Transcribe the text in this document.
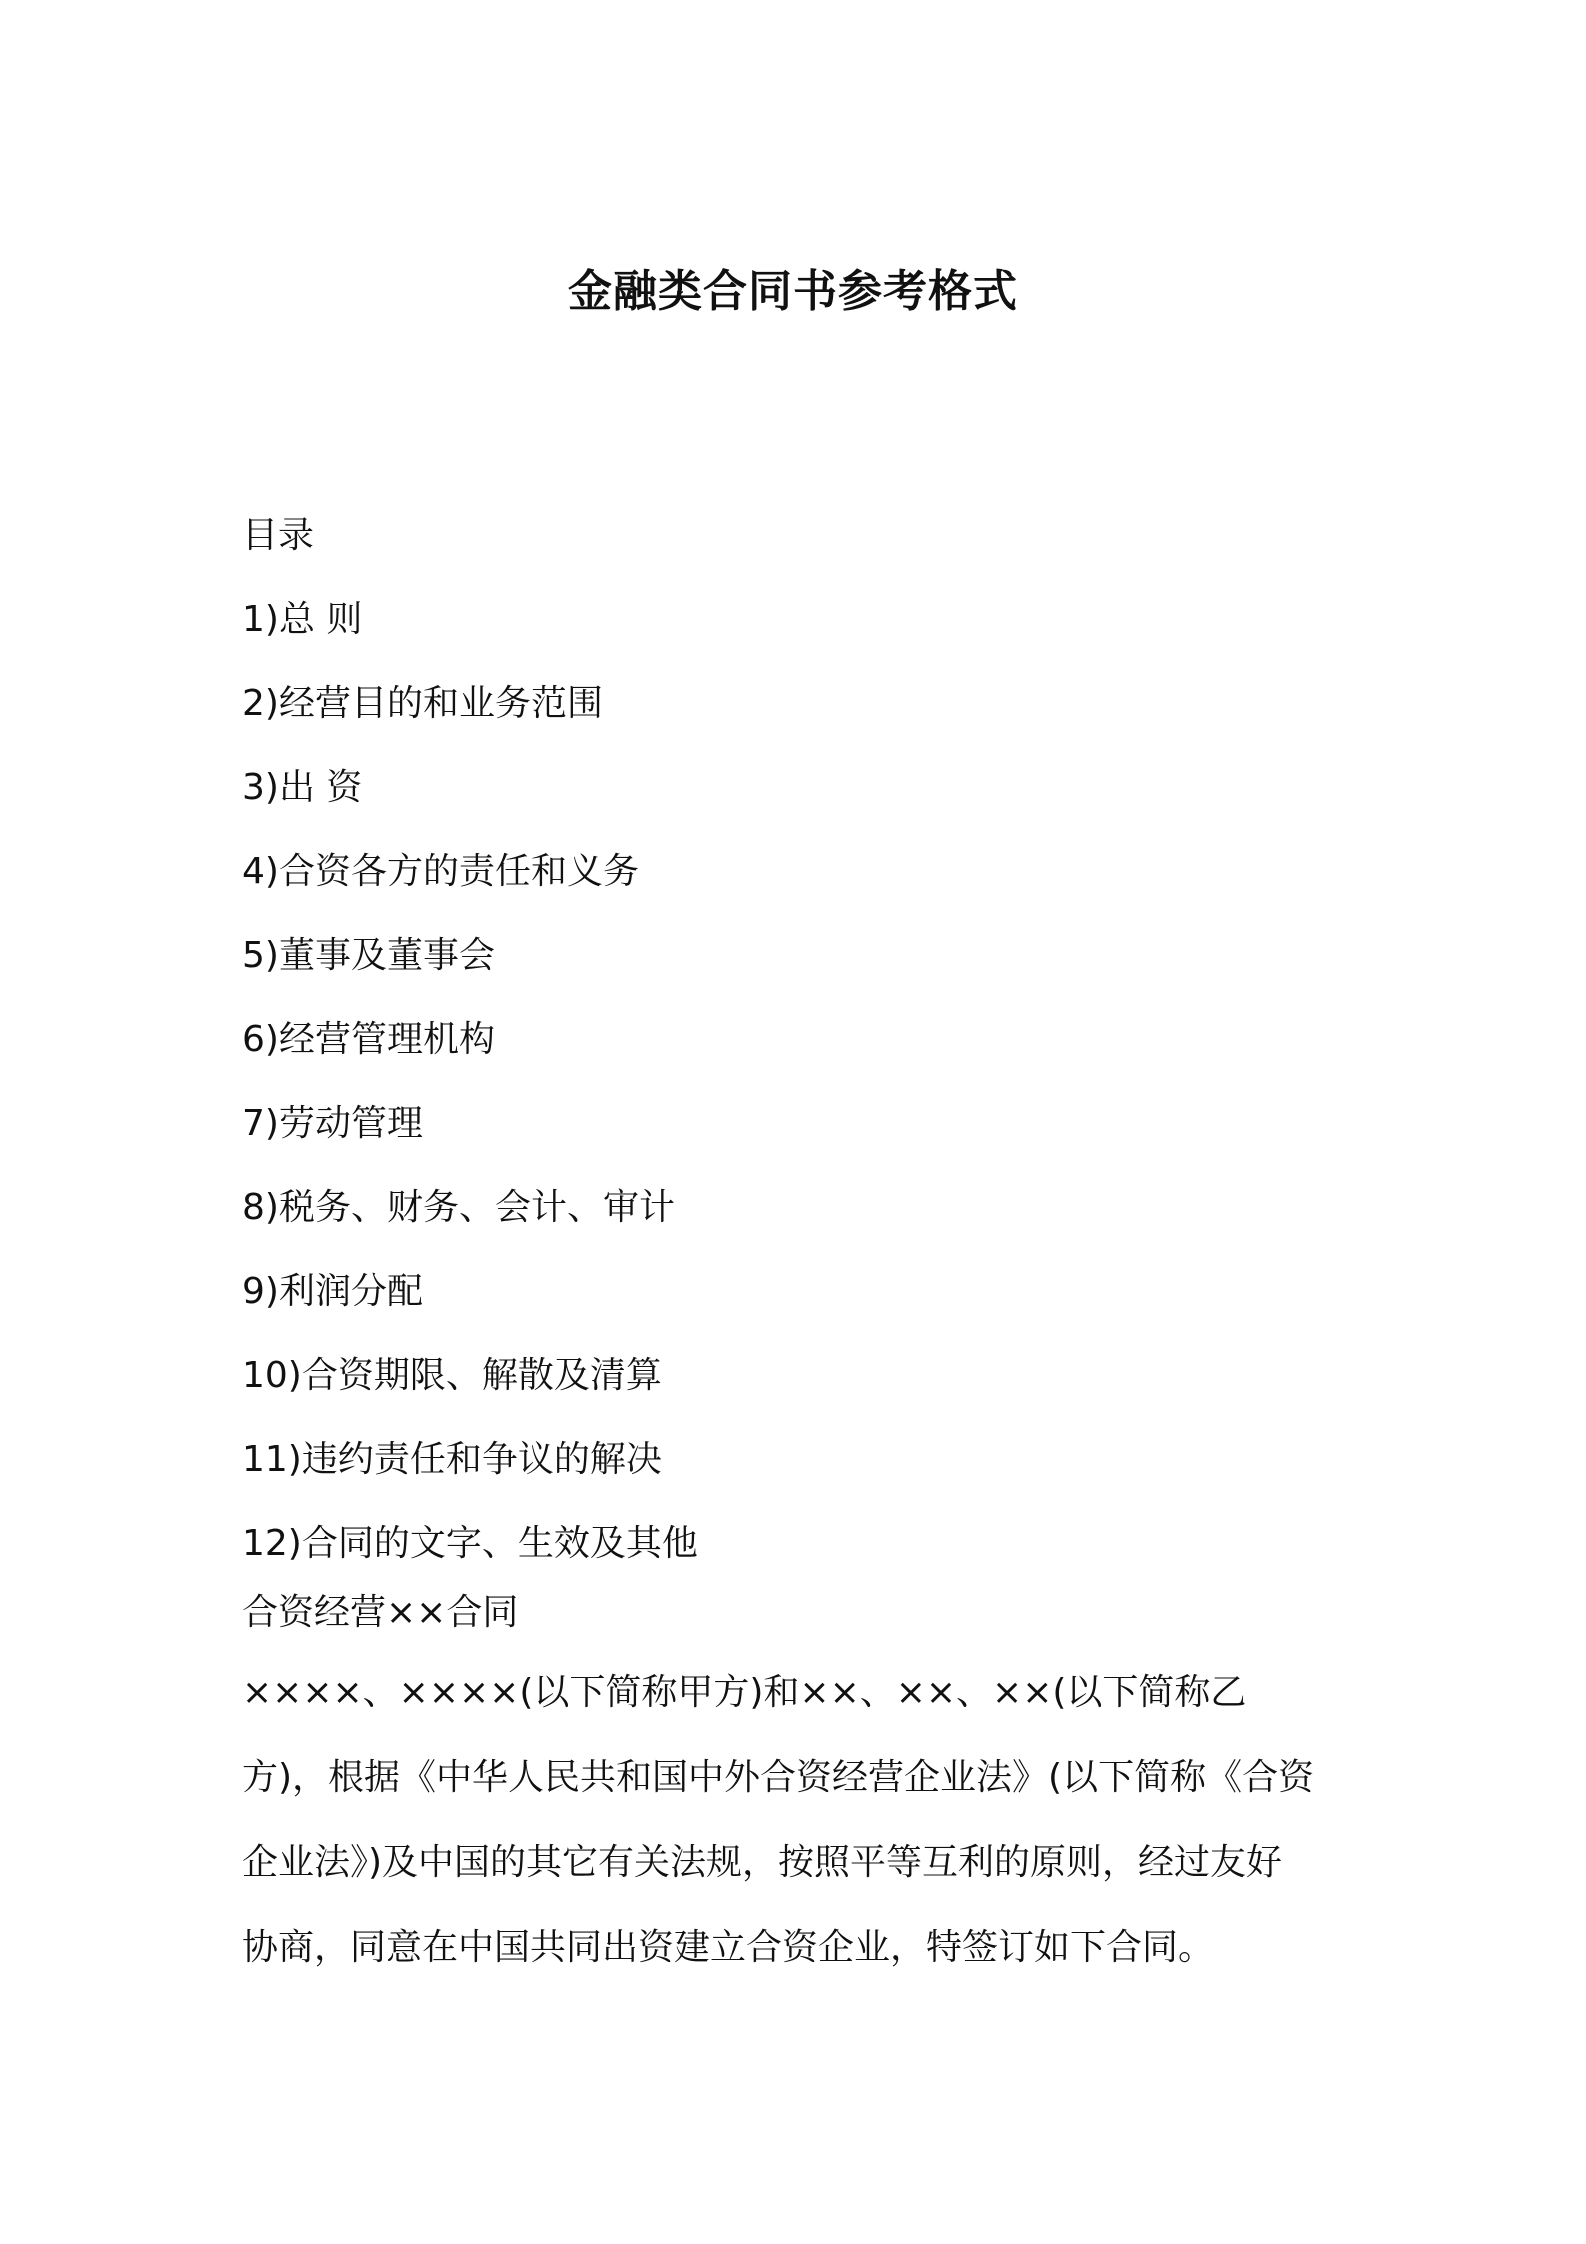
金融类合同书参考格式
目录
1)总 则
2)经营目的和业务范围
3)出 资
4)合资各方的责任和义务
5)董事及董事会
6)经营管理机构
7)劳动管理
8)税务、财务、会计、审计
9)利润分配
10)合资期限、解散及清算
11)违约责任和争议的解决
12)合同的文字、生效及其他
合资经营××合同

××××、××××(以下简称甲方)和××、××、××(以下简称乙
方)，根据《中华人民共和国中外合资经营企业法》(以下简称《合资
企业法》)及中国的其它有关法规，按照平等互利的原则，经过友好
协商，同意在中国共同出资建立合资企业，特签订如下合同。
